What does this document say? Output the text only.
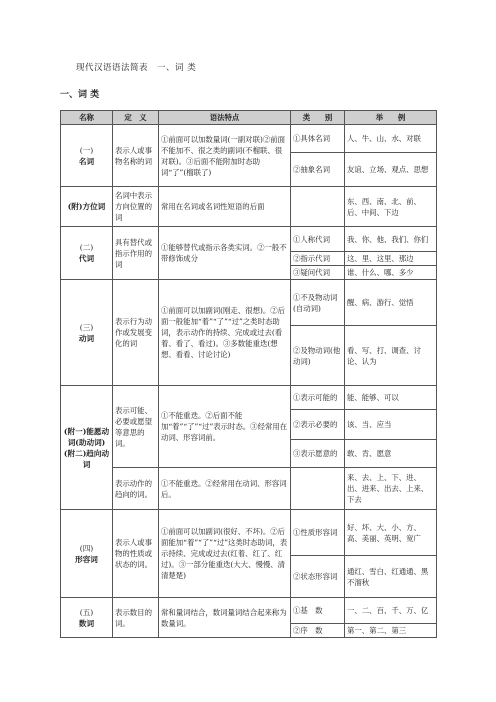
现代汉语语法简表　一、词 类
一、词 类
名称	定　义	语法特点	类　　别	举　　例

(一)
名词	表示人或事物名称的词	①前面可以加数量词(一副对联)②前面不能加不、很之类的副词(不榴联、很对联)。③后面不能附加时态助词“了”(榴联了)	①具体名词	人、牛、山、水、对联
			②抽象名词	友谊、立场、观点、思想

(附)方位词	名词中表示方向位置的词	常用在名词或名词性短语的后面		东、西、南、北、前、后、中间、下边

(二)
代词	具有替代或指示作用的词	①能够替代或指示各类实词。②一般不带修饰成分	①人称代词	我、你、他、我们、你们
			②指示代词	这、里、这里、那边
			③疑问代词	谁、什么、哪、多少

(三)
动词	表示行为动作或发展变化的词	①前面可以加副词(刚走、很想)。②后面一般能加“着”“了”“过”之类时态助词，表示动作的持续、完成或过去(看着、看了、看过)。③多数能重迭(想想、看看、讨论讨论)	①不及物动词(自动词)	醒、病、游行、觉悟
			②及物动词(他动词)	看、写、打、调查、讨论、认为

(附一)能愿动词(助动词)(附二)趋向动词	表示可能、必要或愿望等意思的词。	①不能重迭。②后面不能加“着”“了”“过”表示时态。③经常用在动词、形容词前。	①表示可能的	能、能够、可以
			②表示必要的	该、当、应当
			③表示愿意的	敢、肯、愿意
	表示动作的趋向的词。	①不能重迭。②经常用在动词、形容词后。		来、去、上、下、进、出、进来、出去、上来、下去

(四)
形容词	表示人或事物的性质或状态的词。	①前面可以加副词(很好、不坏)。②后面能加“着”“了”“过”这类时态助词，表示持续、完成或过去(红着、红了、红过)。③一部分能重迭(大大、慢慢、清清楚楚)	①性质形容词	好、坏、大、小、方、高、美丽、英明、宽广
			②状态形容词	通红、雪白、红通通、黑不溜秋

(五)
数词	表示数目的词。	常和量词结合，数词量词结合起来称为数量词。	①基　数	一、二、百、千、万、亿
			②序　数	第一、第二、第三
